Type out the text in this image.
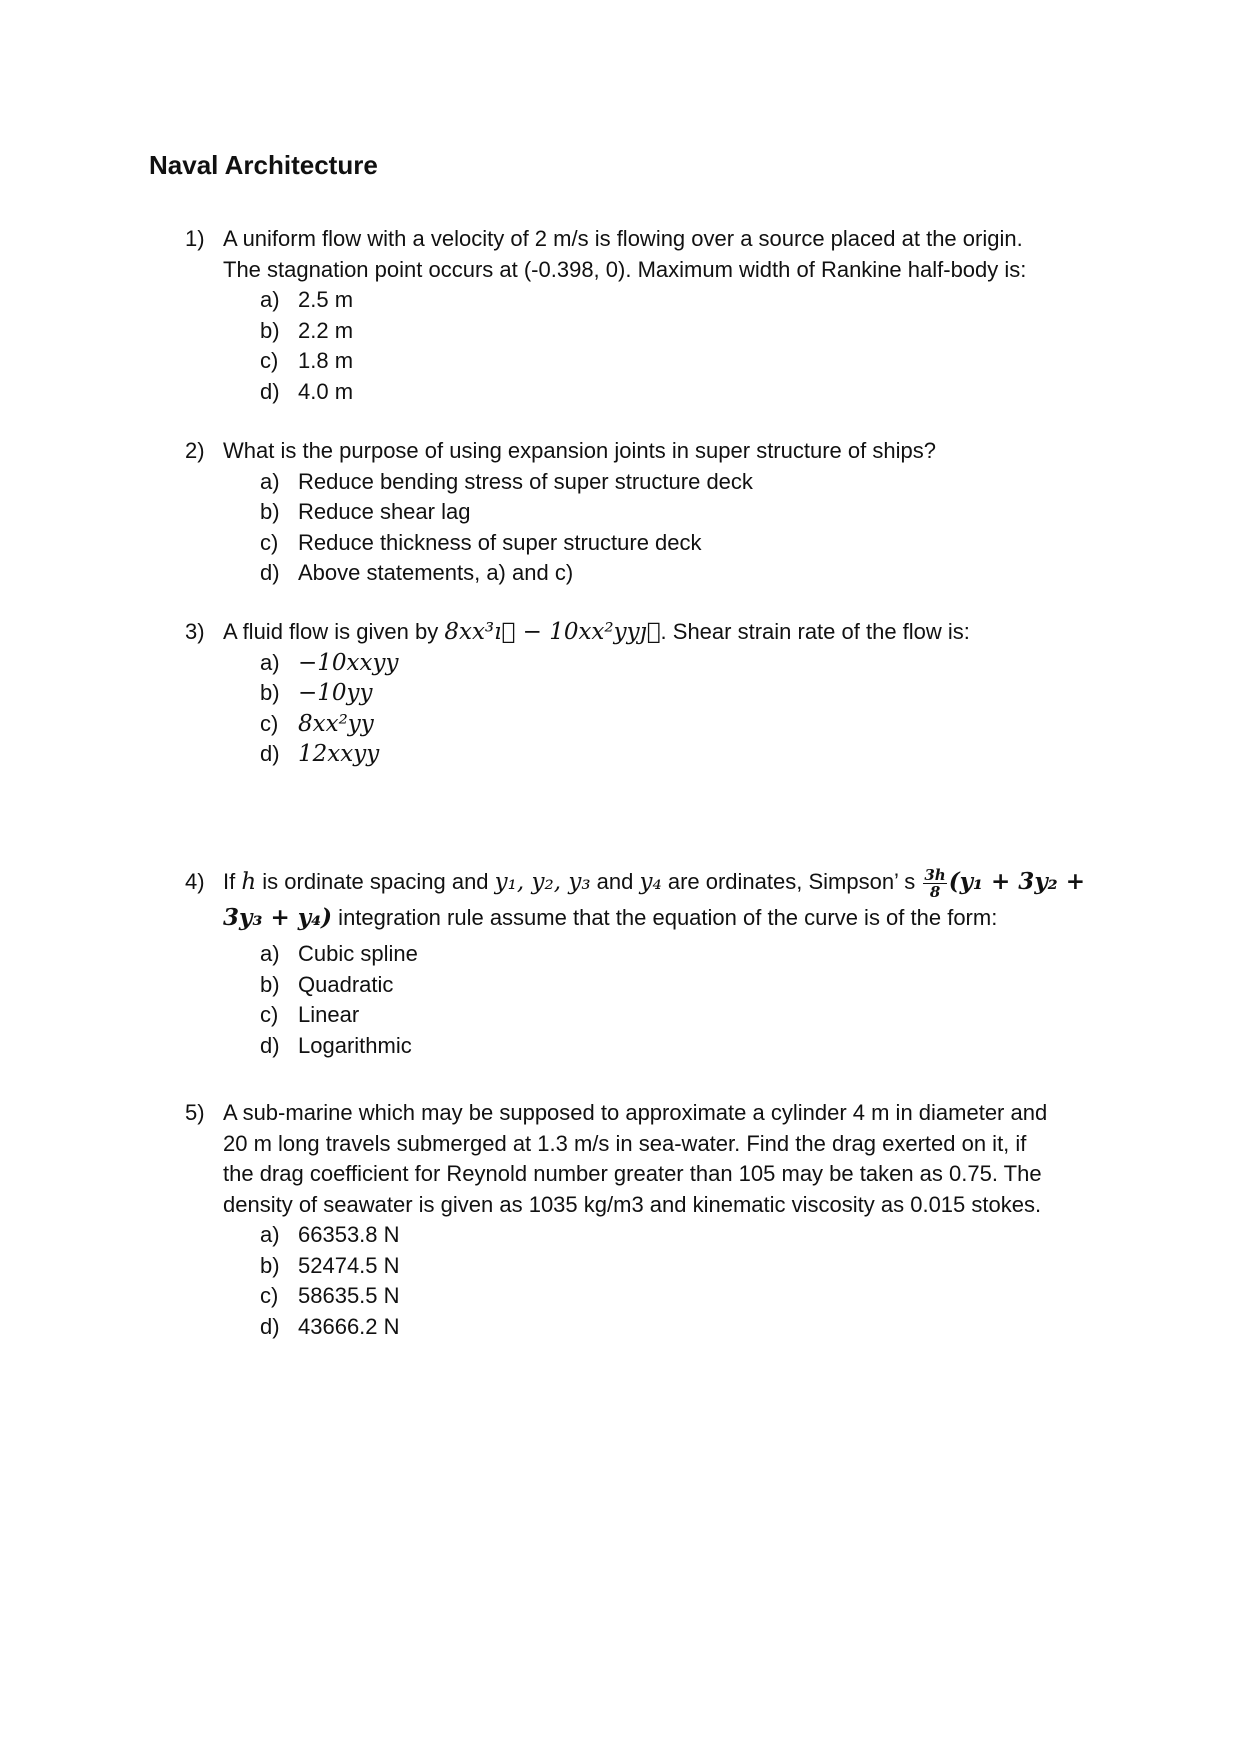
Naval Architecture
1) A uniform flow with a velocity of 2 m/s is flowing over a source placed at the origin.
The stagnation point occurs at (-0.398, 0). Maximum width of Rankine half-body is:
a) 2.5 m
b) 2.2 m
c) 1.8 m
d) 4.0 m
2) What is the purpose of using expansion joints in super structure of ships?
a) Reduce bending stress of super structure deck
b) Reduce shear lag
c) Reduce thickness of super structure deck
d) Above statements, a) and c)
3) A fluid flow is given by 8xx³ı⃗ − 10xx²yyȷ⃗. Shear strain rate of the flow is:
a) −10xxyy
b) −10yy
c) 8xx²yy
d) 12xxyy
4) If h is ordinate spacing and y₁, y₂, y₃ and y₄ are ordinates, Simpson’ s $\frac{3h}{8} (y_1 + 3y_2$ +
3y₃ + y₄) integration rule assume that the equation of the curve is of the form:
a) Cubic spline
b) Quadratic
c) Linear
d) Logarithmic
5) A sub-marine which may be supposed to approximate a cylinder 4 m in diameter and
20 m long travels submerged at 1.3 m/s in sea-water. Find the drag exerted on it, if
the drag coefficient for Reynold number greater than 105 may be taken as 0.75. The
density of seawater is given as 1035 kg/m3 and kinematic viscosity as 0.015 stokes.
a) 66353.8 N
b) 52474.5 N
c) 58635.5 N
d) 43666.2 N
